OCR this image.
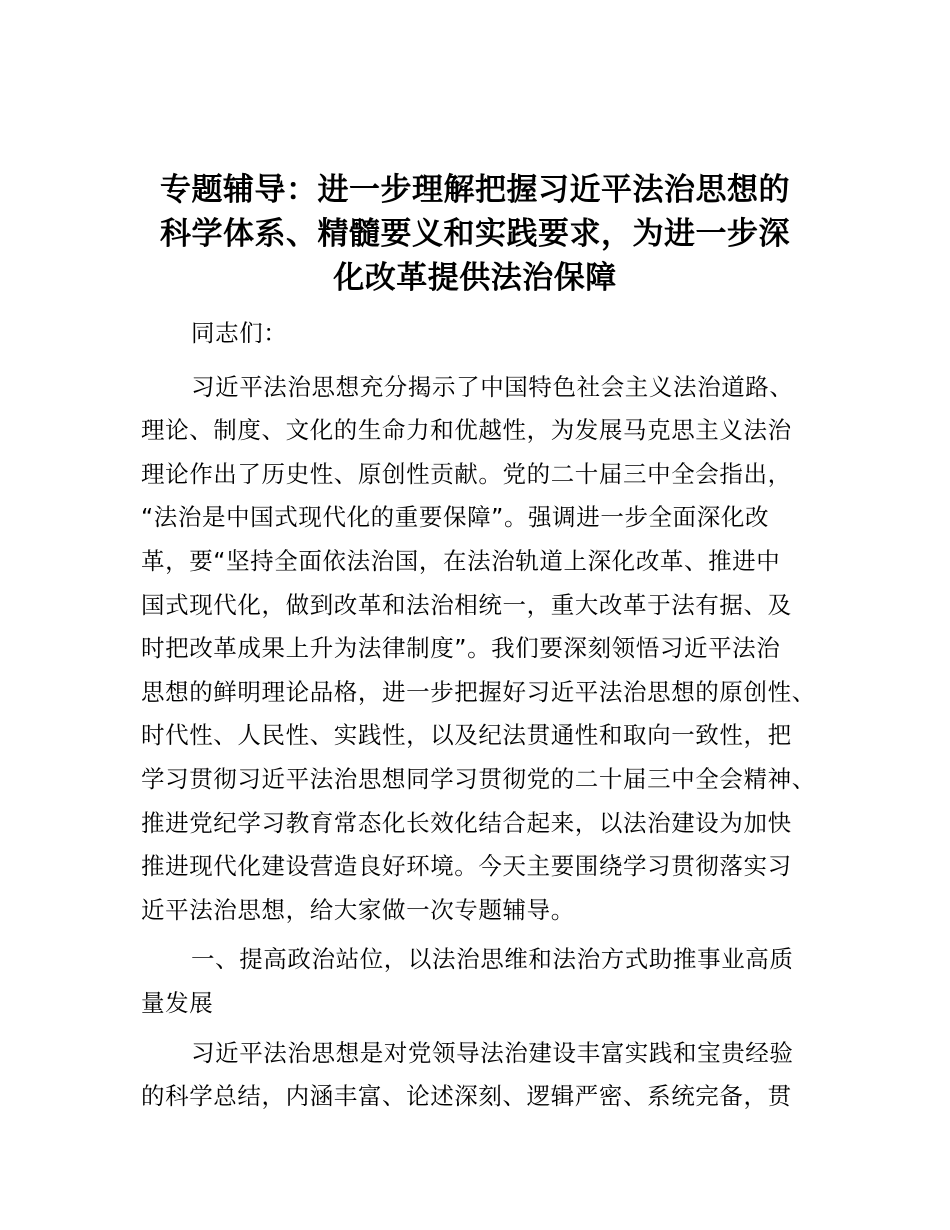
专题辅导：进一步理解把握习近平法治思想的
科学体系、精髓要义和实践要求，为进一步深
化改革提供法治保障

同志们：

习近平法治思想充分揭示了中国特色社会主义法治道路、
理论、制度、文化的生命力和优越性，为发展马克思主义法治
理论作出了历史性、原创性贡献。党的二十届三中全会指出，
“法治是中国式现代化的重要保障”。强调进一步全面深化改
革，要“坚持全面依法治国，在法治轨道上深化改革、推进中
国式现代化，做到改革和法治相统一，重大改革于法有据、及
时把改革成果上升为法律制度”。我们要深刻领悟习近平法治
思想的鲜明理论品格，进一步把握好习近平法治思想的原创性、
时代性、人民性、实践性，以及纪法贯通性和取向一致性，把
学习贯彻习近平法治思想同学习贯彻党的二十届三中全会精神、
推进党纪学习教育常态化长效化结合起来，以法治建设为加快
推进现代化建设营造良好环境。今天主要围绕学习贯彻落实习
近平法治思想，给大家做一次专题辅导。

一、提高政治站位，以法治思维和法治方式助推事业高质
量发展

习近平法治思想是对党领导法治建设丰富实践和宝贵经验
的科学总结，内涵丰富、论述深刻、逻辑严密、系统完备，贯
